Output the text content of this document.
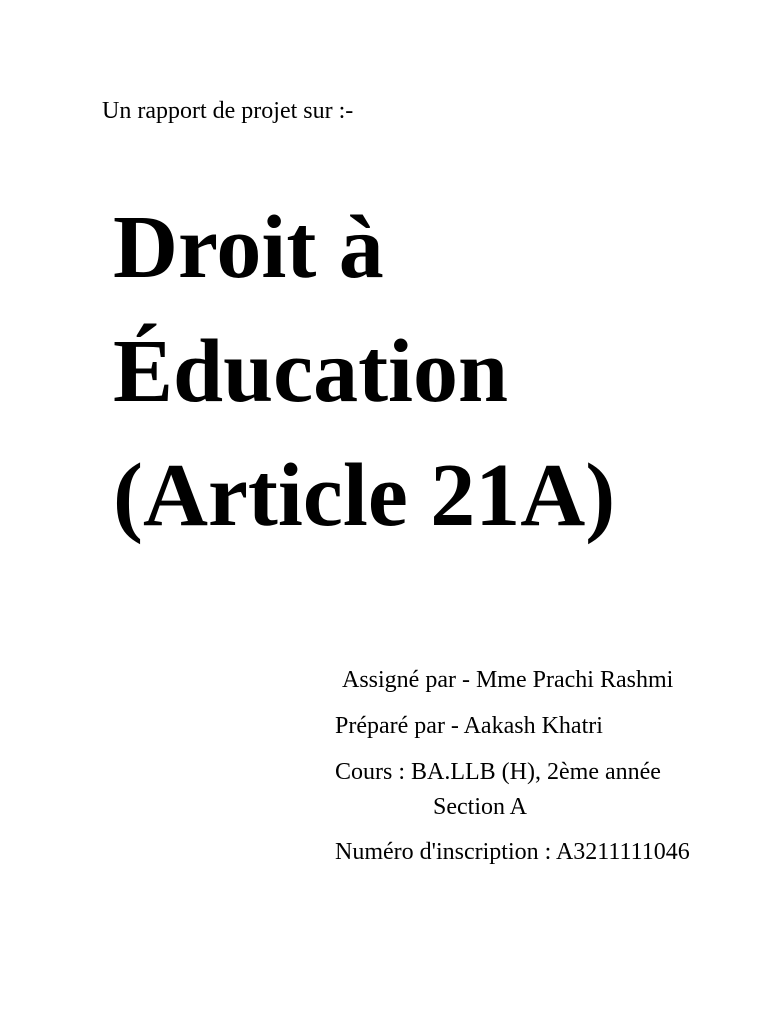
Un rapport de projet sur :-
Droit à
Éducation
(Article 21A)
Assigné par - Mme Prachi Rashmi
Préparé par - Aakash Khatri
Cours : BA.LLB (H), 2ème année
Section A
Numéro d'inscription : A3211111046
